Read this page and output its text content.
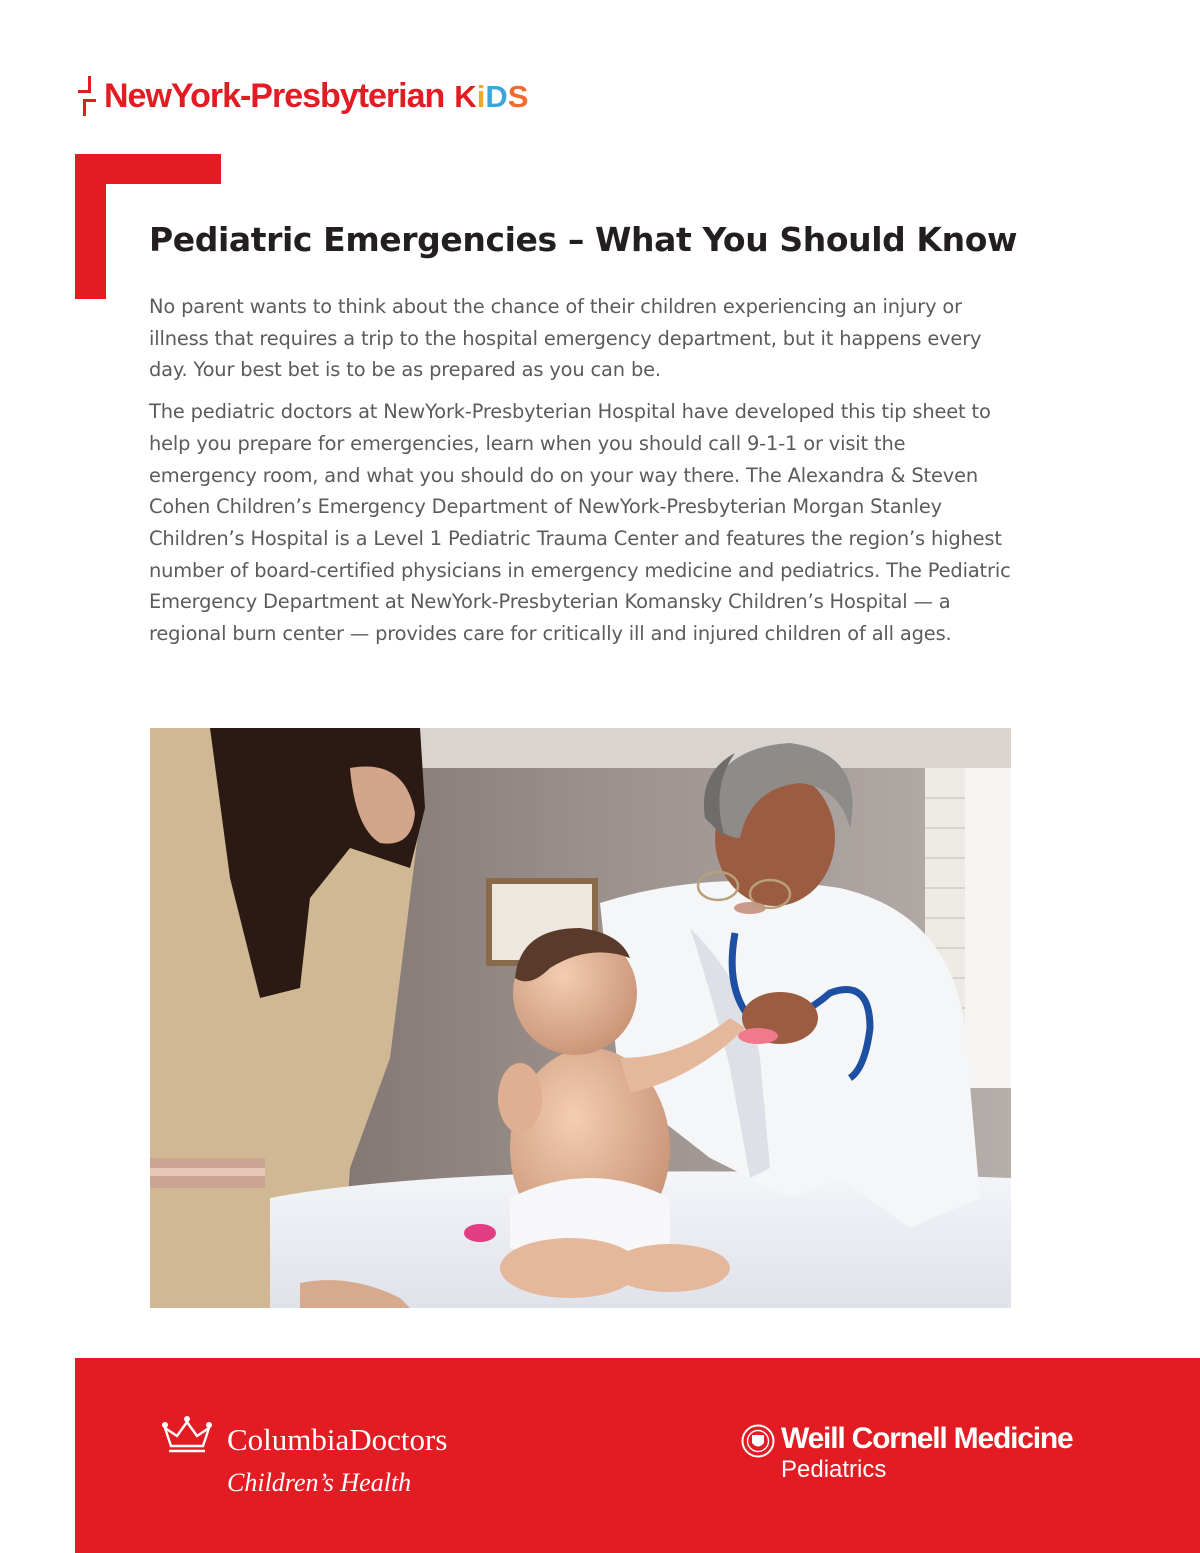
NewYork-Presbyterian K i D S
Pediatric Emergencies – What You Should Know

No parent wants to think about the chance of their children experiencing an injury or illness that requires a trip to the hospital emergency department, but it happens every day. Your best bet is to be as prepared as you can be.

The pediatric doctors at NewYork-Presbyterian Hospital have developed this tip sheet to help you prepare for emergencies, learn when you should call 9-1-1 or visit the emergency room, and what you should do on your way there. The Alexandra & Steven Cohen Children’s Emergency Department of NewYork-Presbyterian Morgan Stanley Children’s Hospital is a Level 1 Pediatric Trauma Center and features the region’s highest number of board-certified physicians in emergency medicine and pediatrics. The Pediatric Emergency Department at NewYork-Presbyterian Komansky Children’s Hospital — a regional burn center — provides care for critically ill and injured children of all ages.

ColumbiaDoctors
Children’s Health
Weill Cornell Medicine
Pediatrics
